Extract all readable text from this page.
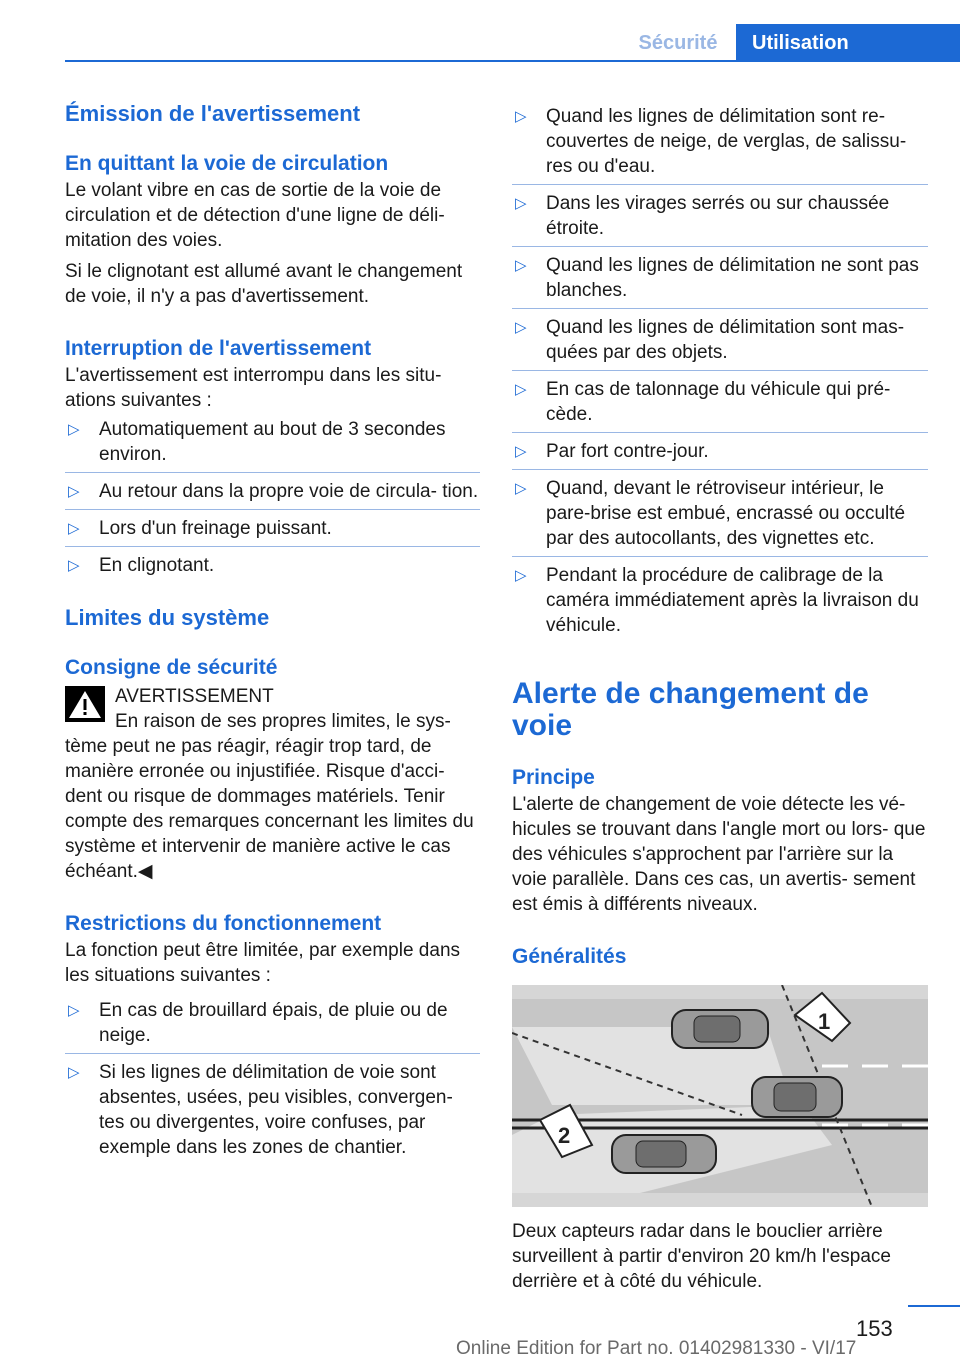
Sécurité	Utilisation
Émission de l'avertissement
En quittant la voie de circulation

Le volant vibre en cas de sortie de la voie de circulation et de détection d'une ligne de déli- mitation des voies.

Si le clignotant est allumé avant le changement de voie, il n'y a pas d'avertissement.

Interruption de l'avertissement

L'avertissement est interrompu dans les situ- ations suivantes :

▷ Automatiquement au bout de 3 secondes environ.
▷ Au retour dans la propre voie de circula- tion.
▷ Lors d'un freinage puissant.
▷ En clignotant.
Limites du système
Consigne de sécurité

AVERTISSEMENT

En raison de ses propres limites, le sys- tème peut ne pas réagir, réagir trop tard, de manière erronée ou injustifiée. Risque d'acci- dent ou risque de dommages matériels. Tenir compte des remarques concernant les limites du système et intervenir de manière active le cas échéant.◀

Restrictions du fonctionnement

La fonction peut être limitée, par exemple dans les situations suivantes :

▷ En cas de brouillard épais, de pluie ou de neige.
▷ Si les lignes de délimitation de voie sont absentes, usées, peu visibles, convergen- tes ou divergentes, voire confuses, par exemple dans les zones de chantier.
▷ Quand les lignes de délimitation sont re- couvertes de neige, de verglas, de salissu- res ou d'eau.
▷ Dans les virages serrés ou sur chaussée étroite.
▷ Quand les lignes de délimitation ne sont pas blanches.
▷ Quand les lignes de délimitation sont mas- quées par des objets.
▷ En cas de talonnage du véhicule qui pré- cède.
▷ Par fort contre-jour.
▷ Quand, devant le rétroviseur intérieur, le pare-brise est embué, encrassé ou occulté par des autocollants, des vignettes etc.
▷ Pendant la procédure de calibrage de la caméra immédiatement après la livraison du véhicule.
Alerte de changement de voie
Principe

L'alerte de changement de voie détecte les vé- hicules se trouvant dans l'angle mort ou lors- que des véhicules s'approchent par l'arrière sur la voie parallèle. Dans ces cas, un avertis- sement est émis à différents niveaux.

Généralités
1
2

Deux capteurs radar dans le bouclier arrière surveillent à partir d'environ 20 km/h l'espace derrière et à côté du véhicule.

153
Online Edition for Part no. 01402981330 - VI/17
